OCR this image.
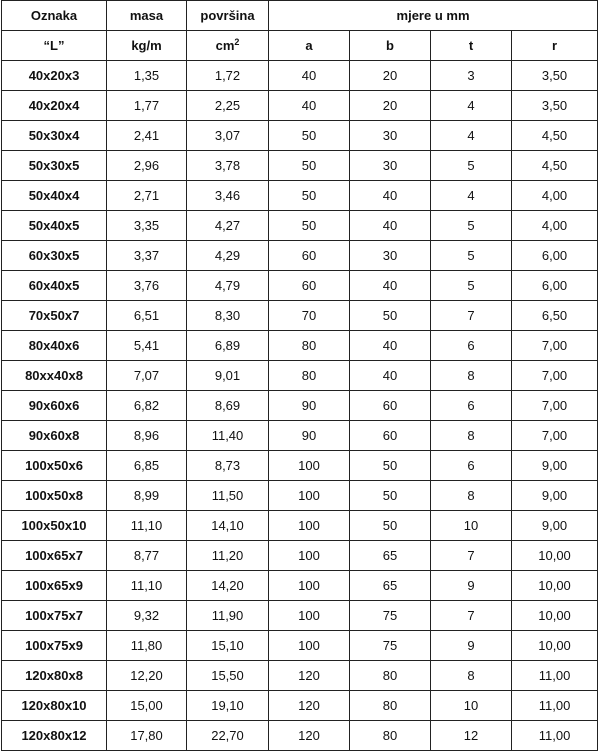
Oznaka	masa	površina	mjere u mm			
“L”	kg/m	$cm^2$	a	b	t	r
40x20x3	1,35	1,72	40	20	3	3,50
40x20x4	1,77	2,25	40	20	4	3,50
50x30x4	2,41	3,07	50	30	4	4,50
50x30x5	2,96	3,78	50	30	5	4,50
50x40x4	2,71	3,46	50	40	4	4,00
50x40x5	3,35	4,27	50	40	5	4,00
60x30x5	3,37	4,29	60	30	5	6,00
60x40x5	3,76	4,79	60	40	5	6,00
70x50x7	6,51	8,30	70	50	7	6,50
80x40x6	5,41	6,89	80	40	6	7,00
80xx40x8	7,07	9,01	80	40	8	7,00
90x60x6	6,82	8,69	90	60	6	7,00
90x60x8	8,96	11,40	90	60	8	7,00
100x50x6	6,85	8,73	100	50	6	9,00
100x50x8	8,99	11,50	100	50	8	9,00
100x50x10	11,10	14,10	100	50	10	9,00
100x65x7	8,77	11,20	100	65	7	10,00
100x65x9	11,10	14,20	100	65	9	10,00
100x75x7	9,32	11,90	100	75	7	10,00
100x75x9	11,80	15,10	100	75	9	10,00
120x80x8	12,20	15,50	120	80	8	11,00
120x80x10	15,00	19,10	120	80	10	11,00
120x80x12	17,80	22,70	120	80	12	11,00
